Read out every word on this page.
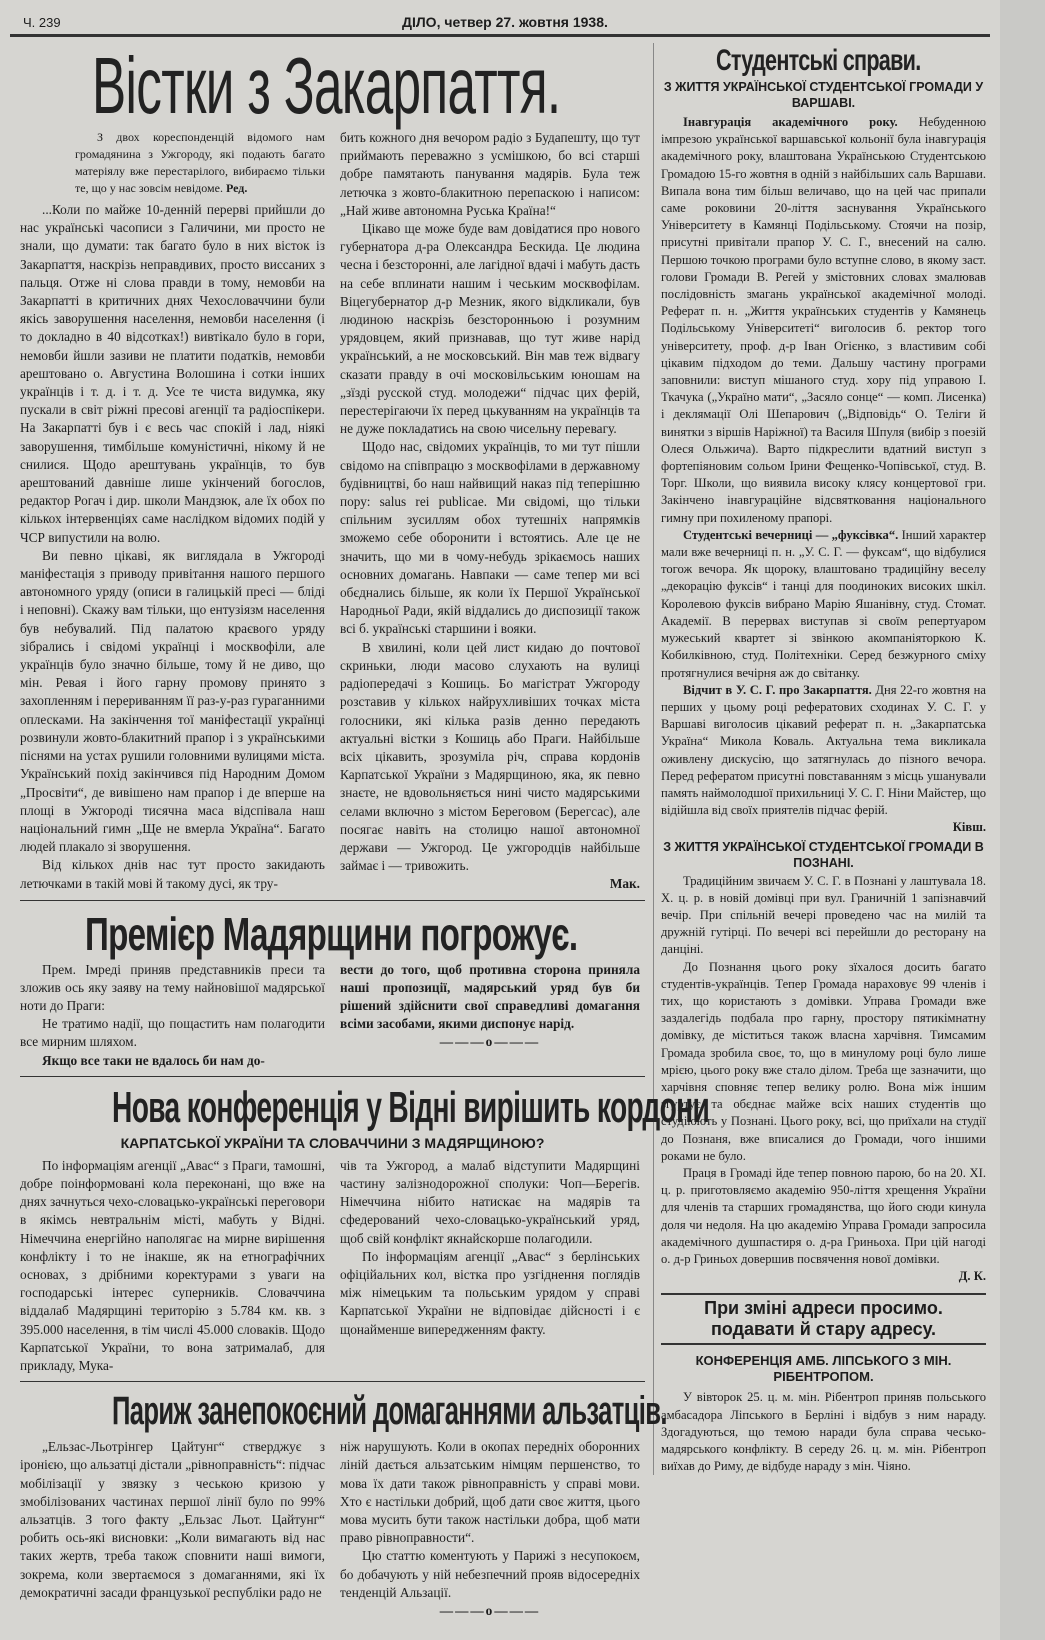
Ч. 239	ДІЛО, четвер 27. жовтня 1938.
Вістки з Закарпаття.

З двох кореспонденцій відомого нам громадянина з Ужгороду, які подають багато матеріялу вже перестарілого, вибираємо тільки те, що у нас зовсім невідоме. Ред.

...Коли по майже 10-денній перерві прийшли до нас українські часописи з Галичини, ми просто не знали, що думати: так багато було в них вісток із Закарпаття, наскрізь неправдивих, просто виссаних з пальця. Отже ні слова правди в тому, немовби на Закарпатті в критичних днях Чехословаччини були якісь заворушення населення, немовби населення (і то докладно в 40 відсотках!) вивтікало було в гори, немовби йшли зазиви не платити податків, немовби арештовано о. Августина Волошина і сотки інших українців і т. д. і т. д. Усе те чиста видумка, яку пускали в світ ріжні пресові агенції та радіоспікери. На Закарпатті був і є весь час спокій і лад, ніякі заворушення, тимбільше комуністичні, нікому й не снилися. Щодо арештувань українців, то був арештований давніше лише укінчений богослов, редактор Рогач і дир. школи Мандзюк, але їх обох по кількох інтервенціях саме наслідком відомих подій у ЧСР випустили на волю.

Ви певно цікаві, як виглядала в Ужгороді маніфестація з приводу привітання нашого першого автономного уряду (описи в галицькій пресі — бліді і неповні). Скажу вам тільки, що ентузіязм населення був небувалий. Під палатою краєвого уряду зібрались і свідомі українці і москвофіли, але українців було значно більше, тому й не диво, що мін. Ревая і його гарну промову принято з захопленням і перериванням її раз-у-раз гураганними оплесками. На закінчення тої маніфестації українці розвинули жовто-блакитний прапор і з українськими піснями на устах рушили головними вулицями міста. Український похід закінчився під Народним Домом „Просвіти“, де вивішено нам прапор і де вперше на площі в Ужгороді тисячна маса відспівала наш національний гимн „Ще не вмерла Україна“. Багато людей плакало зі зворушення.

Від кількох днів нас тут просто закидають летючками в такій мові й такому дусі, як тру-

бить кожного дня вечором радіо з Будапешту, що тут приймають переважно з усмішкою, бо всі старші добре памятають панування мадярів. Була теж летючка з жовто-блакитною перепаскою і написом: „Най живе автономна Руська Країна!“

Цікаво ще може буде вам довідатися про нового губернатора д-ра Олександра Бескида. Це людина чесна і безсторонні, але лагідної вдачі і мабуть дасть на себе вплинати нашим і чеським москвофілам. Віцегубернатор д-р Мезник, якого відкликали, був людиною наскрізь безсторонньою і розумним урядовцем, який признавав, що тут живе нарід український, а не московський. Він мав теж відвагу сказати правду в очі московільським юношам на „зїзді русской студ. молодежи“ підчас цих ферій, перестерігаючи їх перед цькуванням на українців та не дуже покладатись на свою чисельну перевагу.

Щодо нас, свідомих українців, то ми тут пішли свідомо на співпрацю з москвофілами в державному будівництві, бо наш найвищий наказ під теперішню пору: salus rei publicae. Ми свідомі, що тільки спільним зусиллям обох тутешніх напрямків зможемо себе оборонити і встоятись. Але це не значить, що ми в чому-небудь зрікаємось наших основних домагань. Навпаки — саме тепер ми всі обєднались більше, як коли їх Першої Української Народньої Ради, якій віддались до диспозиції також всі б. українські старшини і вояки.

В хвилині, коли цей лист кидаю до почтової скриньки, люди масово слухають на вулиці радіопередачі з Кошиць. Бо магістрат Ужгороду розставив у кількох найрухливіших точках міста голосники, які кілька разів денно передають актуальні вістки з Кошиць або Праги. Найбільше всіх цікавить, зрозуміла річ, справа кордонів Карпатської України з Мадярщиною, яка, як певно знаєте, не вдовольняється нині чисто мадярськими селами включно з містом Береговом (Берегсас), але посягає навіть на столицю нашої автономної держави — Ужгород. Це ужгородців найбільше займає і — тривожить.

Мак.
Премієр Мадярщини погрожує.

Прем. Імреді приняв представників преси та зложив ось яку заяву на тему найновішої мадярської ноти до Праги:

Не тратимо надії, що пощастить нам полагодити все мирним шляхом.

Якщо все таки не вдалось би нам до-

вести до того, щоб противна сторона приняла наші пропозиції, мадярський уряд був би рішений здійснити свої справедливі домагання всіми засобами, якими диспонує нарід.

———o———
Нова конференція у Відні вирішить кордони
КАРПАТСЬКОЇ УКРАЇНИ ТА СЛОВАЧЧИНИ З МАДЯРЩИНОЮ?

По інформаціям агенції „Авас“ з Праги, тамошні, добре поінформовані кола переконані, що вже на днях зачнуться чехо-словацько-українські переговори в якімсь невтральнім місті, мабуть у Відні. Німеччина енергійно наполягає на мирне вирішення конфлікту і то не інакше, як на етнографічних основах, з дрібними коректурами з уваги на господарські інтерес суперників. Словаччина віддалаб Мадярщині територію з 5.784 км. кв. з 395.000 населення, в тім числі 45.000 словаків. Щодо Карпатської України, то вона затрималаб, для прикладу, Мука-

чів та Ужгород, а малаб відступити Мадярщині частину залізнодорожної сполуки: Чоп—Берегів. Німеччина нібито натискає на мадярів та сфедерований чехо-словацько-український уряд, щоб свій конфлікт якнайскорше полагодили.

По інформаціям агенції „Авас“ з берлінських офіційальних кол, вістка про узгіднення поглядів між німецьким та польським урядом у справі Карпатської України не відповідає дійсності і є щонайменше випередженням факту.

Париж занепокоєний домаганнями альзатців.

„Ельзас-Льотрінгер Цайтунг“ стверджує з іронією, що альзатці дістали „рівноправність“: підчас мобілізації у звязку з чеською кризою у змобілізованих частинах першої лінії було по 99% альзатців. З того факту „Ельзас Льот. Цайтунг“ робить ось-які висновки: „Коли вимагають від нас таких жертв, треба також сповнити наші вимоги, зокрема, коли звертаємося з домаганнями, які їх демократичні засади французької республіки радо не

ніж нарушують. Коли в окопах передніх оборонних ліній дається альзатським німцям першенство, то мова їх дати також рівноправність у справі мови. Хто є настільки добрий, щоб дати своє життя, цього мова мусить бути також настільки добра, щоб мати право рівноправности“.

Цю статтю коментують у Парижі з несупокоєм, бо добачують у ній небезпечний прояв відосередніх тенденцій Альзації.

———o———
Студентські справи.
З ЖИТТЯ УКРАЇНСЬКОЇ СТУДЕНТСЬКОЇ ГРОМАДИ У ВАРШАВІ.

Інавгурація академічного року. Небуденною імпрезою української варшавської кольонії була інавгурація академічного року, влаштована Українською Студентською Громадою 15-го жовтня в одній з найбільших саль Варшави. Випала вона тим більш величаво, що на цей час припали саме роковини 20-ліття заснування Українського Університету в Камянці Подільському. Стоячи на позір, присутні привітали прапор У. С. Г., внесений на салю. Першою точкою програми було вступне слово, в якому заст. голови Громади В. Регей у змістовних словах змалював послідовність змагань української академічної молоді. Реферат п. н. „Життя українських студентів у Камянець Подільському Університеті“ виголосив б. ректор того університету, проф. д-р Іван Огієнко, з властивим собі цікавим підходом до теми. Дальшу частину програми заповнили: виступ мішаного студ. хору під управою І. Ткачука („Україно мати“, „Засяло сонце“ — комп. Лисенка) і деклямації Олі Шепарович („Відповідь“ О. Теліги й винятки з віршів Наріжної) та Василя Шпуля (вибір з поезій Олеся Ольжича). Вартo підкреслити вдатний виступ з фортепіяновим сольом Ірини Фещенко-Чопівської, студ. В. Торг. Школи, що виявила високу клясу концертової гри. Закінчено інавгураційне відсвятковання національного гимну при похиленому прапорі.

Студентські вечерниці — „фуксівка“. Інший характер мали вже вечерниці п. н. „У. С. Г. — фуксам“, що відбулися тогож вечора. Як щороку, влаштовано традиційну веселу „декорацію фуксів“ і танці для поодиноких високих шкіл. Королевою фуксів вибрано Марію Яшанівну, студ. Стомат. Академії. В перервах виступав зі своїм репертуаром мужеський квартет зі звінкою акомпаніяторкою К. Кобилківною, студ. Політехніки. Серед безжурного сміху протягнулися вечірня аж до світанку.

Відчит в У. С. Г. про Закарпаття. Дня 22-го жовтня на перших у цьому році реферaтових сходинах У. С. Г. у Варшаві виголосив цікавий реферат п. н. „Закарпатська Україна“ Микола Коваль. Актуальна тема викликала оживлену дискусію, що затягнулась до пізного вечора. Перед рефератом присутні повставанням з місць ушанували память наймолодшої прихильниці У. С. Г. Ніни Майстер, що відійшла від своїх приятелів підчас ферій.

Ківш.
З ЖИТТЯ УКРАЇНСЬКОЇ СТУДЕНТСЬКОЇ ГРОМАДИ В ПОЗНАНІ.

Традиційним звичаєм У. С. Г. в Познані у лаштувала 18. Х. ц. р. в новій домівці при вул. Граничній 1 запізнавчий вечір. При спільній вечері проведено час на милій та дружній гутірці. По вечері всі перейшли до ресторану на данціні.

До Познання цього року зїхалося досить багато студентів-українців. Тепер Громада нараховує 99 членів і тих, що користають з домівки. Управа Громади вже заздалегідь подбала про гарну, простору пятикімнатну домівку, де міститься також власна харчівня. Тимсамим Громада зробила своє, то, що в минулому році було лише мрією, цього року вже стало ділом. Треба ще зазначити, що харчівня сповняє тепер велику ролю. Вона між іншим згуртує та обєднає майже всіх наших студентів що студіюють у Познані. Цього року, всі, що приїхали на студії до Познаня, вже вписалися до Громади, чого іншими роками не було.

Праця в Громаді йде тепер повною парою, бо на 20. XI. ц. р. приготовляємо академію 950-ліття хрещення України для членів та старших громадянства, що його сюди кинула доля чи недоля. На цю академію Управа Громади запросила академічного душпастиря о. д-ра Гриньоха. При цій нагоді о. д-р Гриньох довершив посвячення нової домівки.

Д. К.
При зміні адреси просимо.
подавати й стару адресу.
КОНФЕРЕНЦІЯ АМБ. ЛІПСЬКОГО З МІН. РІБЕНТРОПОМ.

У вівторок 25. ц. м. мін. Рібентроп приняв польського амбасадора Ліпського в Берліні і відбув з ним нараду. Здогадуються, що темою наради була справа чесько-мадярського конфлікту. В середу 26. ц. м. мін. Рібентроп виїхав до Риму, де відбуде нараду з мін. Чіяно.
